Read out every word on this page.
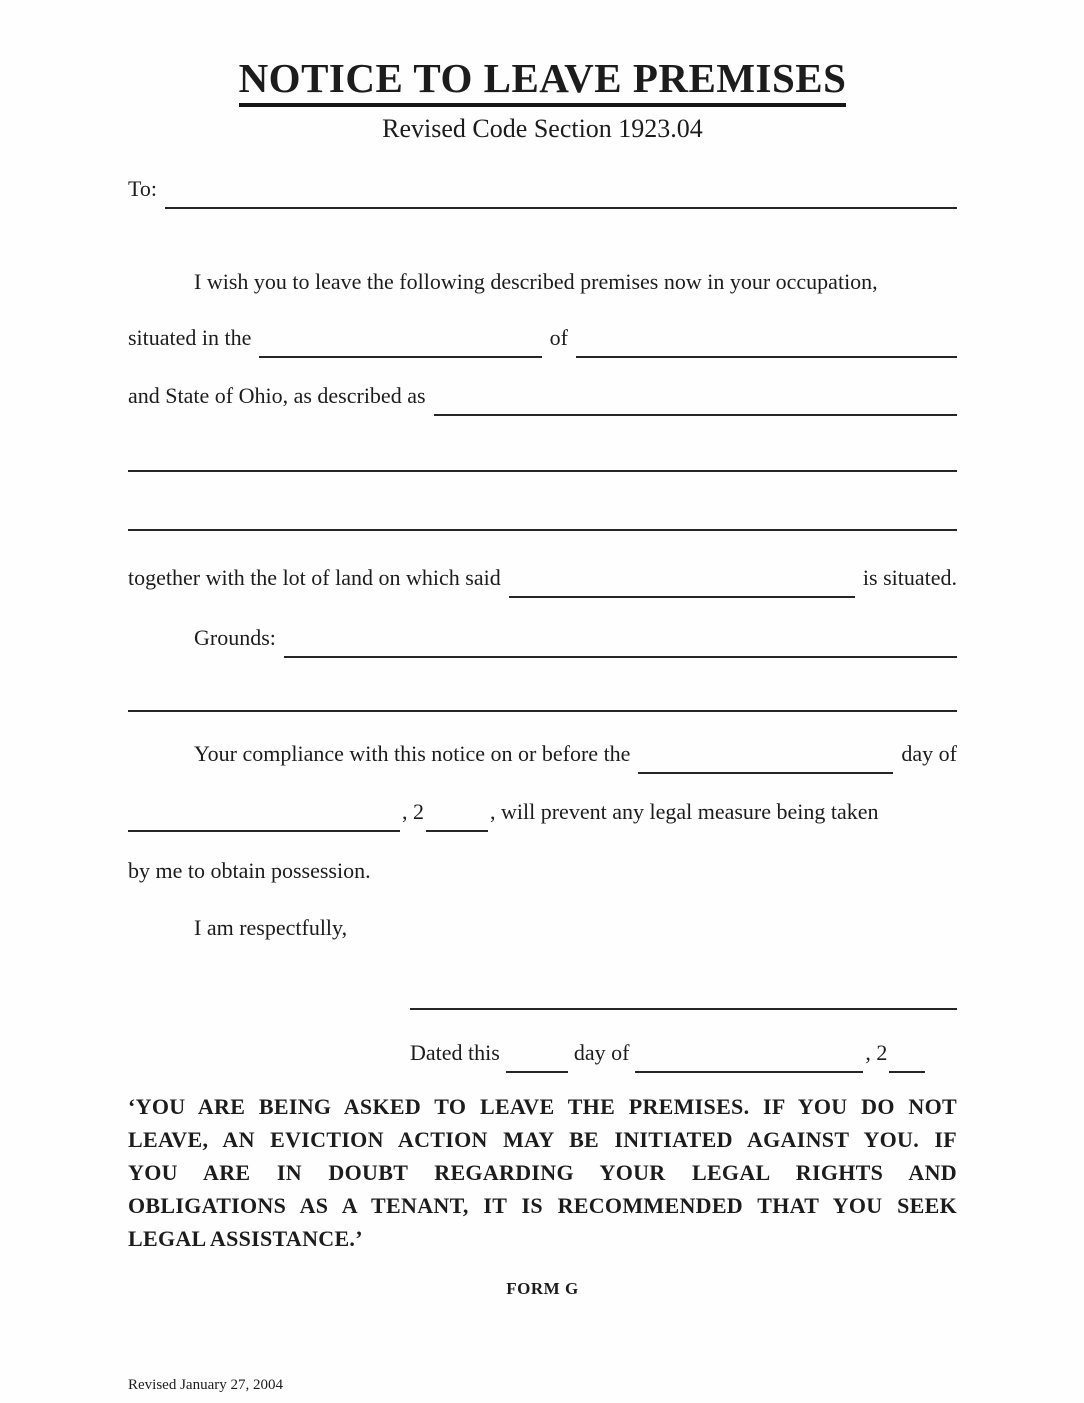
NOTICE TO LEAVE PREMISES
Revised Code Section 1923.04
To:
I wish you to leave the following described premises now in your occupation,
situated in the	of
and State of Ohio, as described as
together with the lot of land on which said	is situated.
Grounds:
Your compliance with this notice on or before the	day of
, 2	, will prevent any legal measure being taken
by me to obtain possession.
I am respectfully,
Dated this	day of	, 2
‘YOU ARE BEING ASKED TO LEAVE THE PREMISES. IF YOU DO NOT
LEAVE, AN EVICTION ACTION MAY BE INITIATED AGAINST YOU. IF
YOU ARE IN DOUBT REGARDING YOUR LEGAL RIGHTS AND
OBLIGATIONS AS A TENANT, IT IS RECOMMENDED THAT YOU SEEK
LEGAL ASSISTANCE.’
FORM G
Revised January 27, 2004
